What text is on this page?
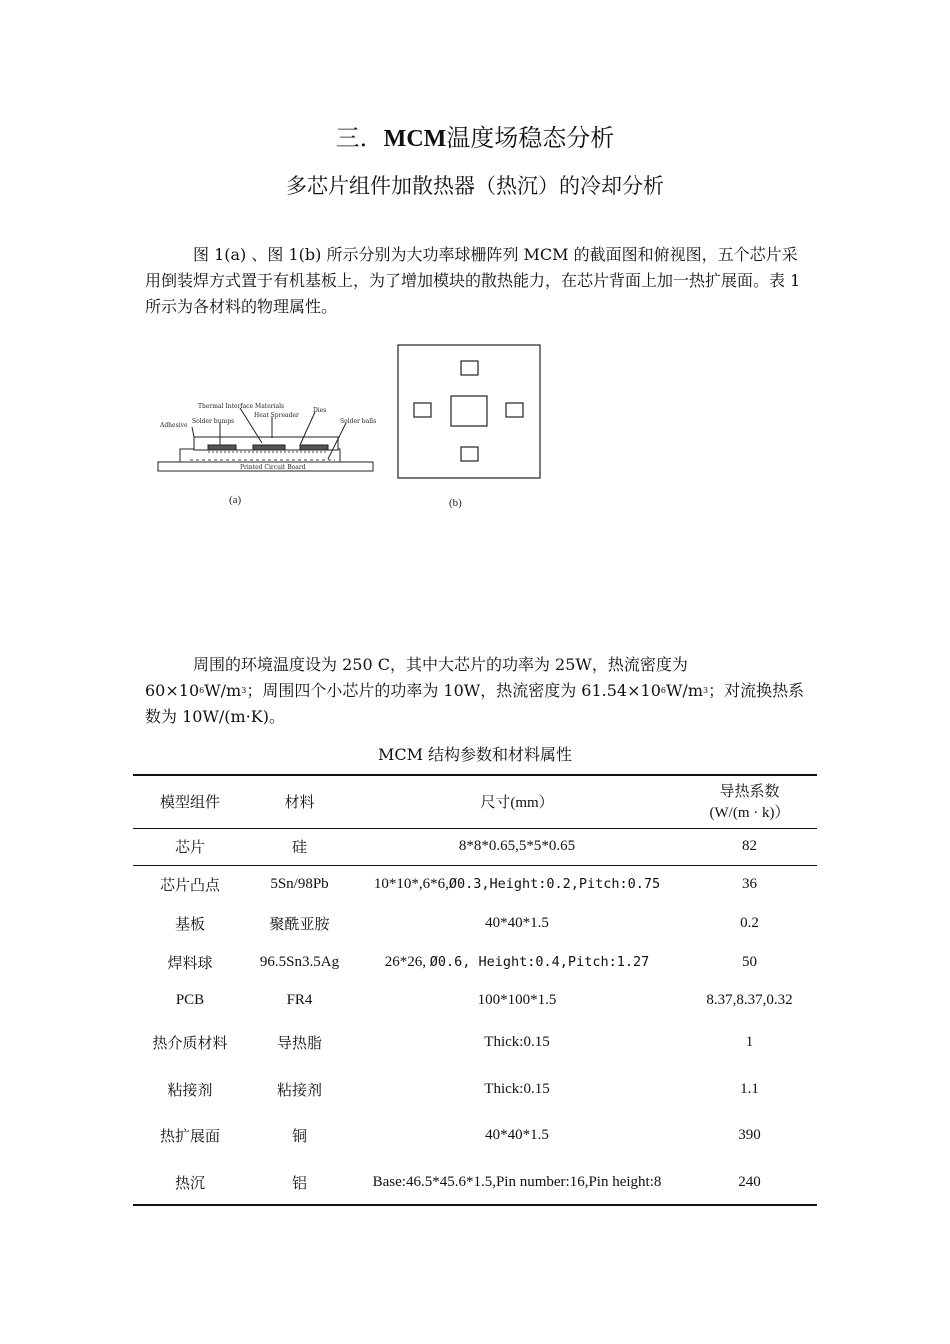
三．MCM温度场稳态分析
多芯片组件加散热器（热沉）的冷却分析
图 1(a) 、图 1(b) 所示分别为大功率球栅阵列 MCM 的截面图和俯视图，五个芯片采用倒装焊方式置于有机基板上，为了增加模块的散热能力，在芯片背面上加一热扩展面。表 1 所示为各材料的物理属性。
Adhesive
Solder bumps
Thermal Interface Materials
Heat Spreader
Dies
Solder balls
Printed Circuit Board
(a)	(b)
周围的环境温度设为 250 C，其中大芯片的功率为 25W，热流密度为 $60\times 10^6W/m^3$；周围四个小芯片的功率为 10W，热流密度为 $61.54\times 10^6W/m^3$；对流换热系数为 10W/(m·K)。
MCM 结构参数和材料属性
模型组件	材料	尺寸(mm）	导热系数
(W/(m · k)）
芯片	硅	8*8*0.65,5*5*0.65	82
芯片凸点	5Sn/98Pb	10*10*,6*6,Ø0.3,Height:0.2,Pitch:0.75	36
基板	聚酰亚胺	40*40*1.5	0.2
焊料球	96.5Sn3.5Ag	26*26, Ø0.6, Height:0.4,Pitch:1.27	50
PCB	FR4	100*100*1.5	8.37,8.37,0.32
热介质材料	导热脂	Thick:0.15	1
粘接剂	粘接剂	Thick:0.15	1.1
热扩展面	铜	40*40*1.5	390
热沉	铝	Base:46.5*45.6*1.5,Pin number:16,Pin height:8	240
